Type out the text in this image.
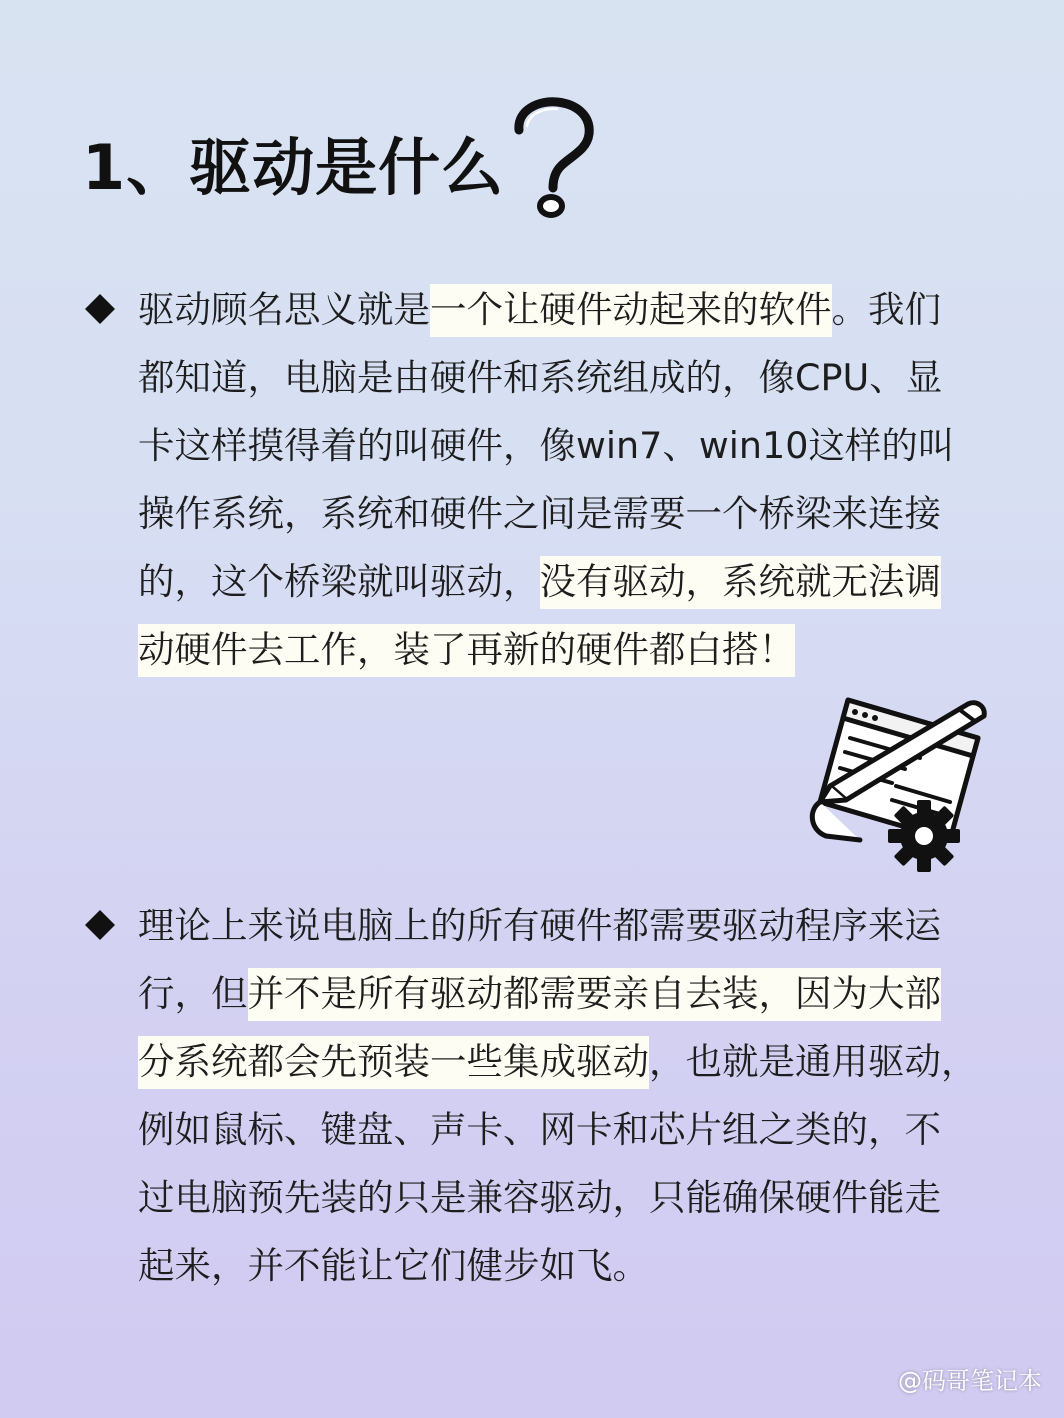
1、驱动是什么
驱动顾名思义就是一个让硬件动起来的软件。我们
都知道，电脑是由硬件和系统组成的，像CPU、显
卡这样摸得着的叫硬件，像win7、win10这样的叫
操作系统，系统和硬件之间是需要一个桥梁来连接
的，这个桥梁就叫驱动，没有驱动，系统就无法调
动硬件去工作，装了再新的硬件都白搭！
理论上来说电脑上的所有硬件都需要驱动程序来运
行，但并不是所有驱动都需要亲自去装，因为大部
分系统都会先预装一些集成驱动，也就是通用驱动，
例如鼠标、键盘、声卡、网卡和芯片组之类的，不
过电脑预先装的只是兼容驱动，只能确保硬件能走
起来，并不能让它们健步如飞。
@码哥笔记本
